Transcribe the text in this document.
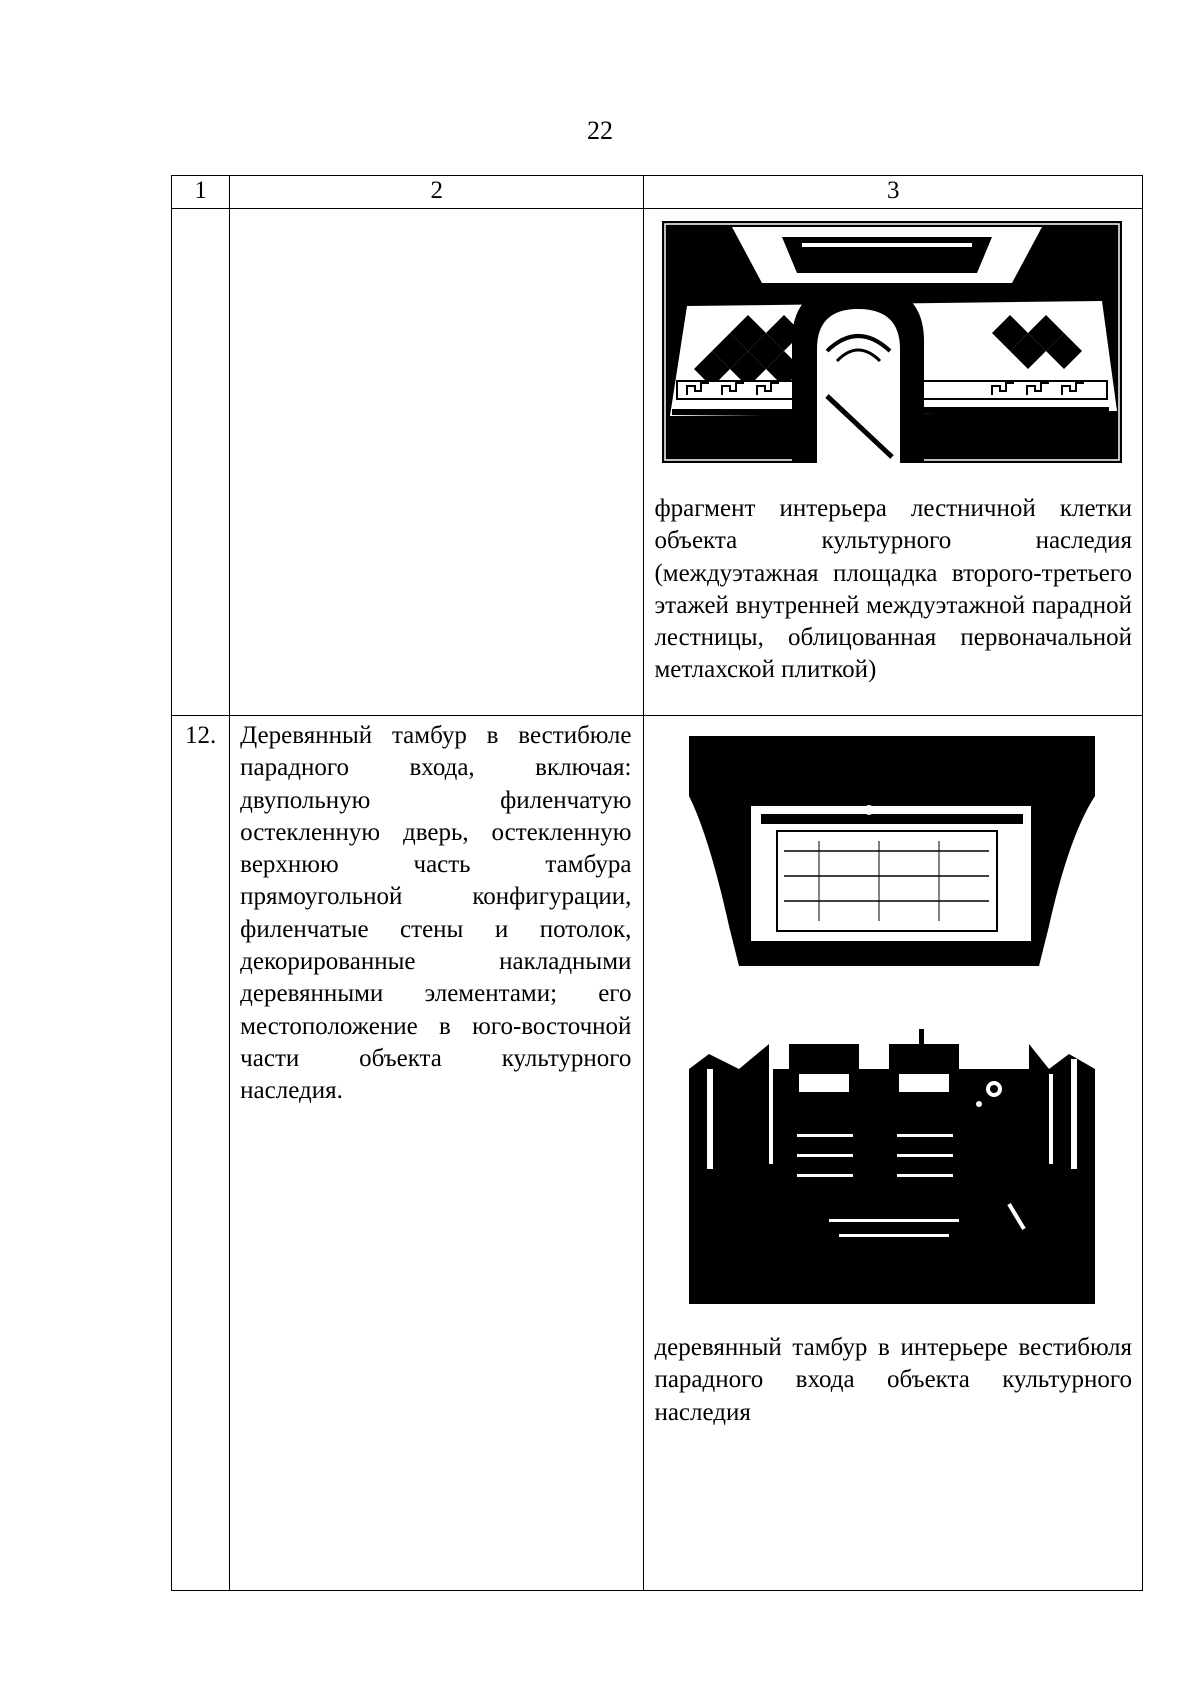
22
1	2	3

		фрагмент интерьера лестничной клетки объекта культурного наследия (междуэтажная площадка второго-третьего этажей внутренней междуэтажной парадной лестницы, облицованная первоначальной метлахской плиткой)

12.	Деревянный тамбур в вестибюле парадного входа, включая: двупольную филенчатую остекленную дверь, остекленную верхнюю часть тамбура прямоугольной конфигурации, филенчатые стены и потолок, декорированные накладными деревянными элементами; его местоположение в юго-восточной части объекта культурного наследия.	деревянный тамбур в интерьере вестибюля парадного входа объекта культурного наследия
